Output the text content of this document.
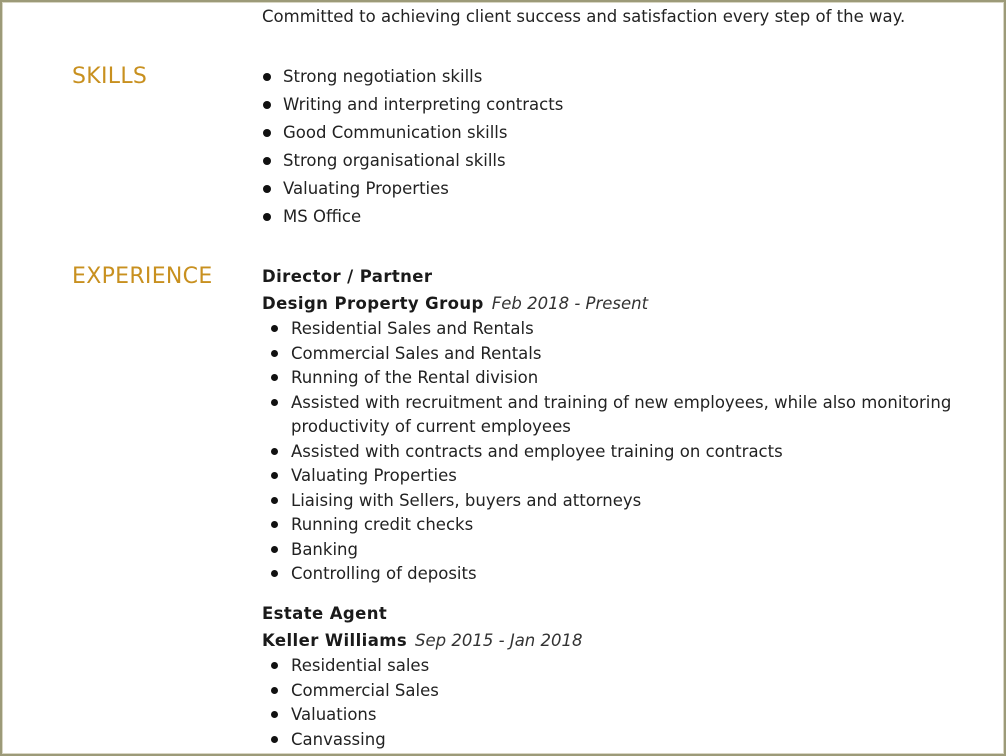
Committed to achieving client success and satisfaction every step of the way.

SKILLS	Strong negotiation skills
Writing and interpreting contracts
Good Communication skills
Strong organisational skills
Valuating Properties
MS Office
EXPERIENCE	Director / Partner
Design Property Group Feb 2018 - Present
Residential Sales and Rentals
Commercial Sales and Rentals
Running of the Rental division
Assisted with recruitment and training of new employees, while also monitoring productivity of current employees
Assisted with contracts and employee training on contracts
Valuating Properties
Liaising with Sellers, buyers and attorneys
Running credit checks
Banking
Controlling of deposits
Estate Agent
Keller Williams Sep 2015 - Jan 2018
Residential sales
Commercial Sales
Valuations
Canvassing
